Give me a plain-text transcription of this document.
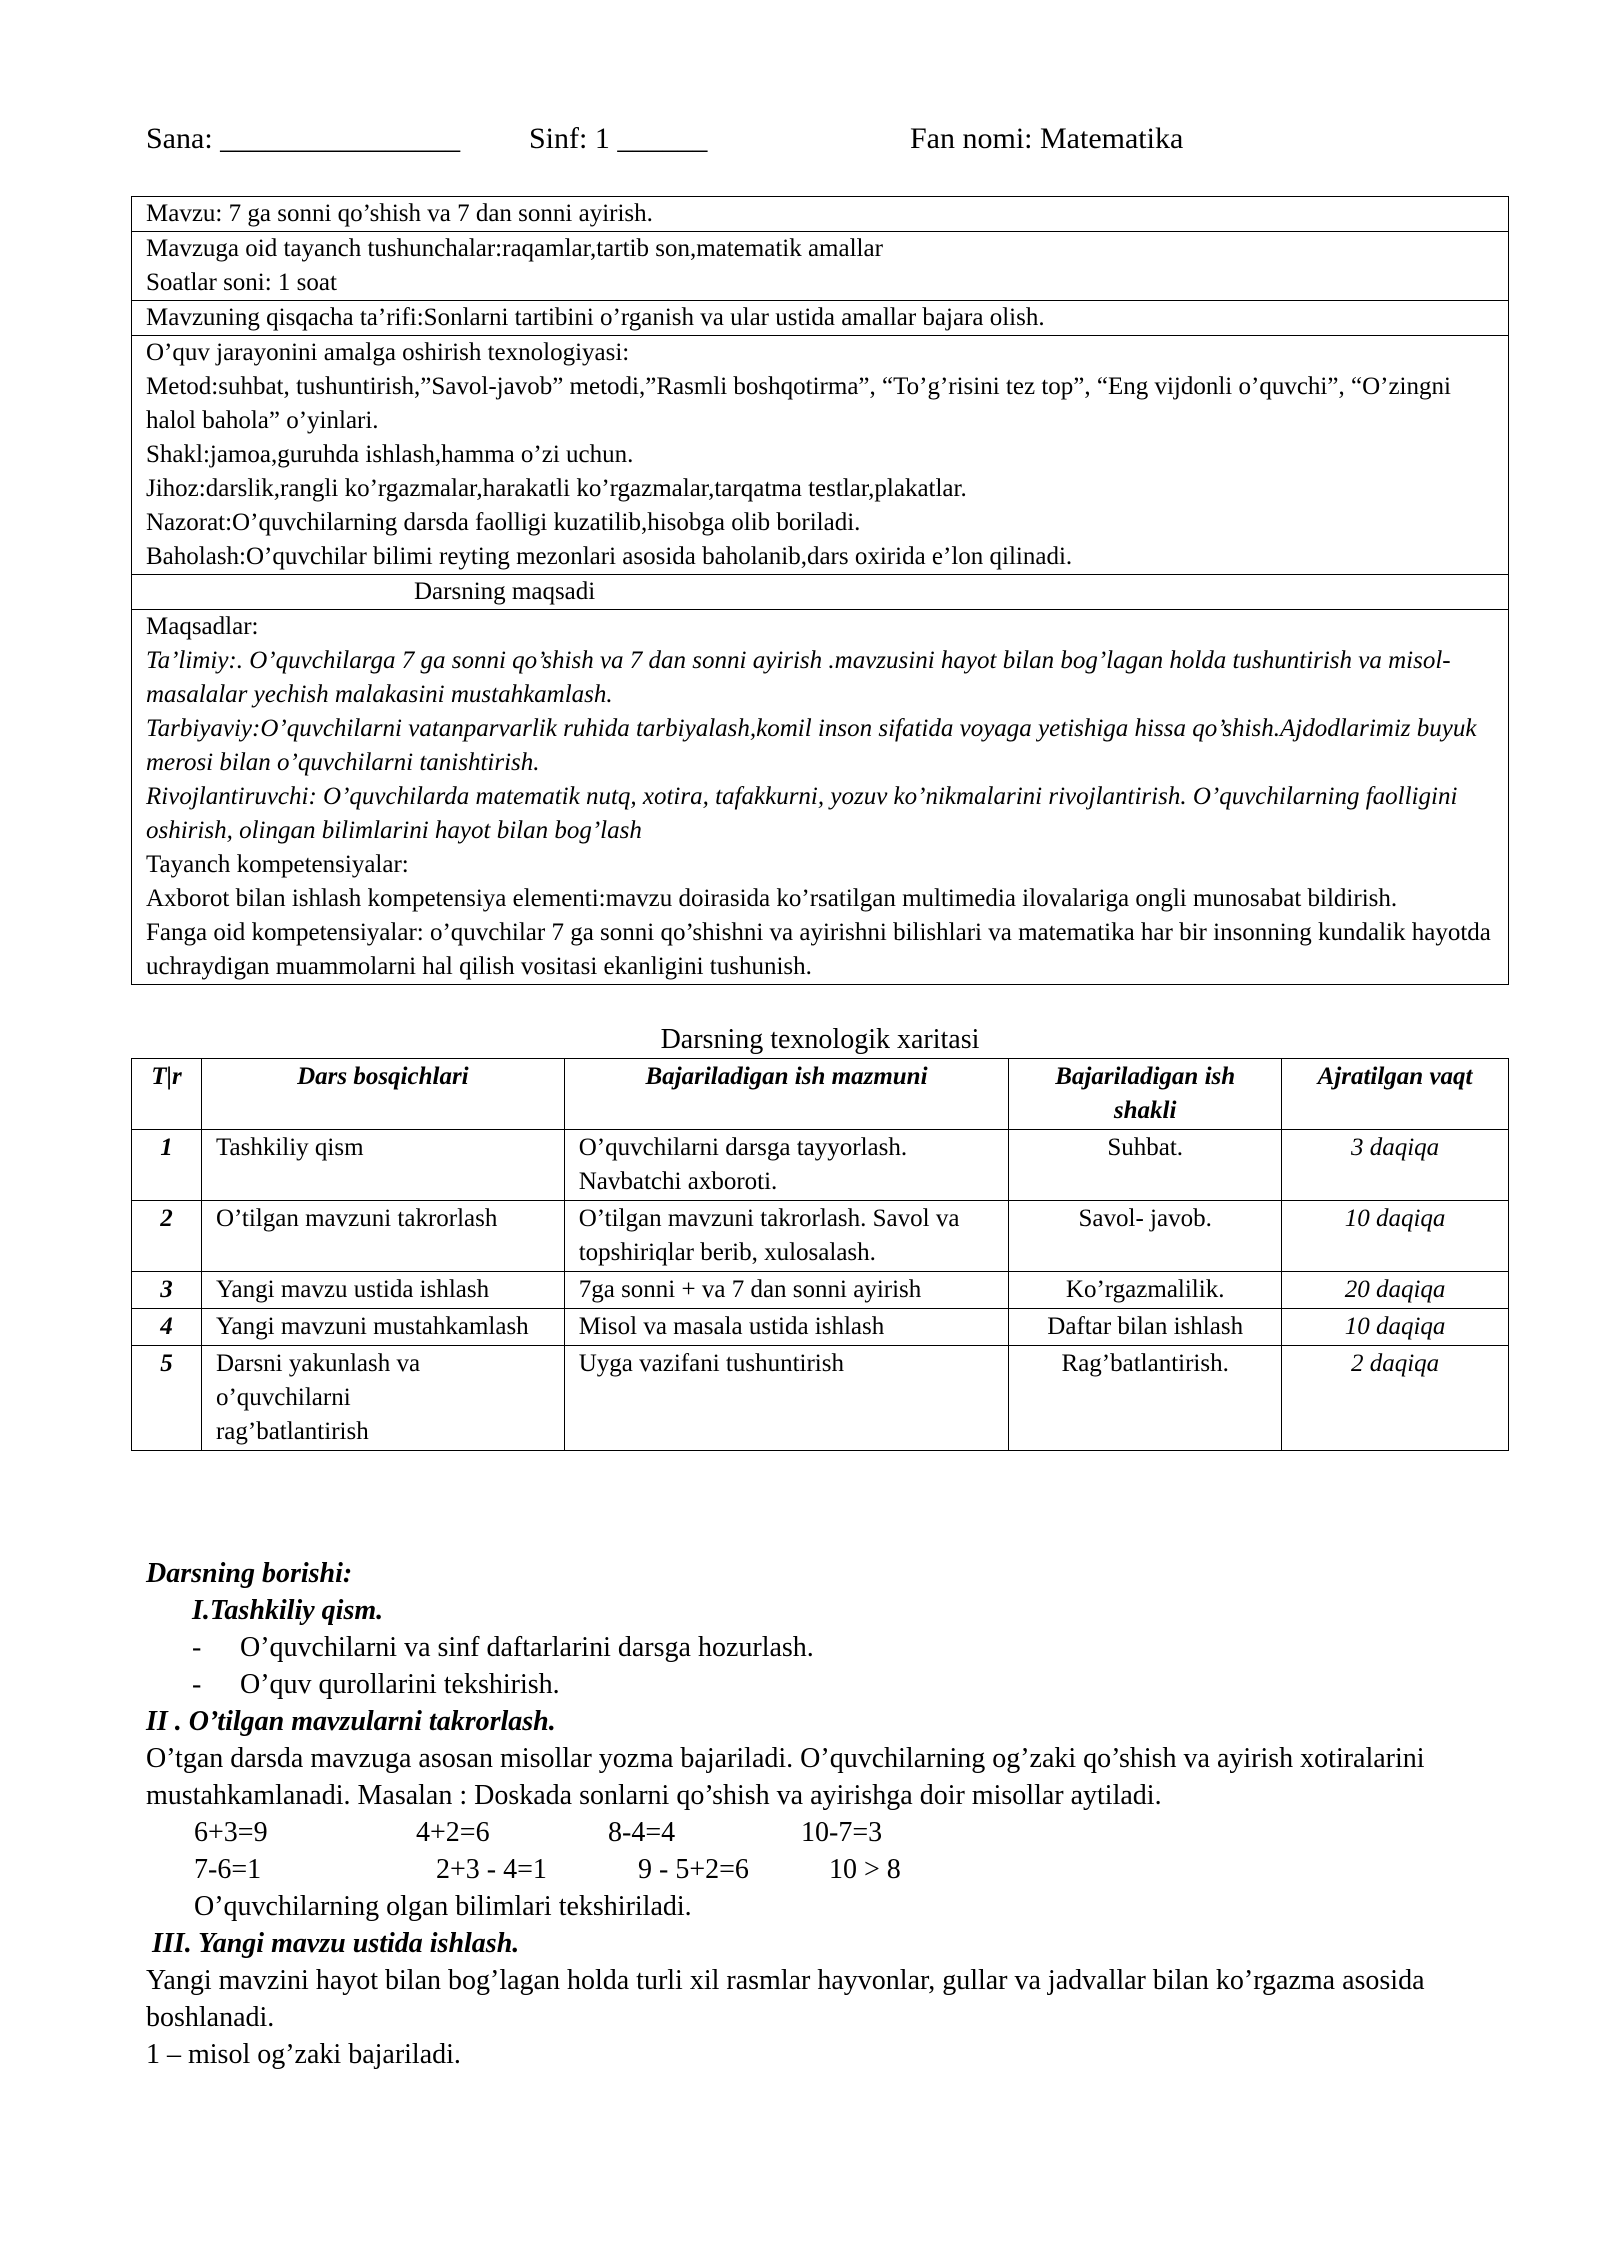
Sana: ________________ Sinf: 1 ______	Fan nomi: Matematika

Mavzu: 7 ga sonni qo’shish va 7 dan sonni ayirish.

Mavzuga oid tayanch tushunchalar:raqamlar,tartib son,matematik amallar

Soatlar soni: 1 soat

Mavzuning qisqacha ta’rifi:Sonlarni tartibini o’rganish va ular ustida amallar bajara olish.

O’quv jarayonini amalga oshirish texnologiyasi:

Metod:suhbat, tushuntirish,”Savol-javob” metodi,”Rasmli boshqotirma”, “To’g’risini tez top”, “Eng vijdonli o’quvchi”, “O’zingni halol bahola” o’yinlari.

Shakl:jamoa,guruhda ishlash,hamma o’zi uchun.

Jihoz:darslik,rangli ko’rgazmalar,harakatli ko’rgazmalar,tarqatma testlar,plakatlar.

Nazorat:O’quvchilarning darsda faolligi kuzatilib,hisobga olib boriladi.

Baholash:O’quvchilar bilimi reyting mezonlari asosida baholanib,dars oxirida e’lon qilinadi.

Darsning maqsadi

Maqsadlar:

Ta’limiy:. O’quvchilarga 7 ga sonni qo’shish va 7 dan sonni ayirish .mavzusini hayot bilan bog’lagan holda tushuntirish va misol- masalalar yechish malakasini mustahkamlash.

Tarbiyaviy:O’quvchilarni vatanparvarlik ruhida tarbiyalash,komil inson sifatida voyaga yetishiga hissa qo’shish.Ajdodlarimiz buyuk merosi bilan o’quvchilarni tanishtirish.

Rivojlantiruvchi: O’quvchilarda matematik nutq, xotira, tafakkurni, yozuv ko’nikmalarini rivojlantirish. O’quvchilarning faolligini oshirish, olingan bilimlarini hayot bilan bog’lash

Tayanch kompetensiyalar:

Axborot bilan ishlash kompetensiya elementi:mavzu doirasida ko’rsatilgan multimedia ilovalariga ongli munosabat bildirish.

Fanga oid kompetensiyalar: o’quvchilar 7 ga sonni qo’shishni va ayirishni bilishlari va matematika har bir insonning kundalik hayotda uchraydigan muammolarni hal qilish vositasi ekanligini tushunish.

Darsning texnologik xaritasi
T|r	Dars bosqichlari	Bajariladigan ish mazmuni	Bajariladigan ish shakli	Ajratilgan vaqt
1	Tashkiliy qism	O’quvchilarni darsga tayyorlash. Navbatchi axboroti.	Suhbat.	3 daqiqa
2	O’tilgan mavzuni takrorlash	O’tilgan mavzuni takrorlash. Savol va topshiriqlar berib, xulosalash.	Savol- javob.	10 daqiqa
3	Yangi mavzu ustida ishlash	7ga sonni + va 7 dan sonni ayirish	Ko’rgazmalilik.	20 daqiqa
4	Yangi mavzuni mustahkamlash	Misol va masala ustida ishlash	Daftar bilan ishlash	10 daqiqa
5	Darsni yakunlash va o’quvchilarni rag’batlantirish	Uyga vazifani tushuntirish	Rag’batlantirish.	2 daqiqa

Darsning borishi:

I.Tashkiliy qism.

- O’quvchilarni va sinf daftarlarini darsga hozurlash.

- O’quv qurollarini tekshirish.

II . O’tilgan mavzularni takrorlash.

O’tgan darsda mavzuga asosan misollar yozma bajariladi. O’quvchilarning og’zaki qo’shish va ayirish xotiralarini mustahkamlanadi. Masalan : Doskada sonlarni qo’shish va ayirishga doir misollar aytiladi.

6+3=9	4+2=6	8-4=4	10-7=3
7-6=1	2+3 - 4=1	9 - 5+2=6	10 > 8

O’quvchilarning olgan bilimlari tekshiriladi.

III. Yangi mavzu ustida ishlash.

Yangi mavzini hayot bilan bog’lagan holda turli xil rasmlar hayvonlar, gullar va jadvallar bilan ko’rgazma asosida boshlanadi.

1 – misol og’zaki bajariladi.
